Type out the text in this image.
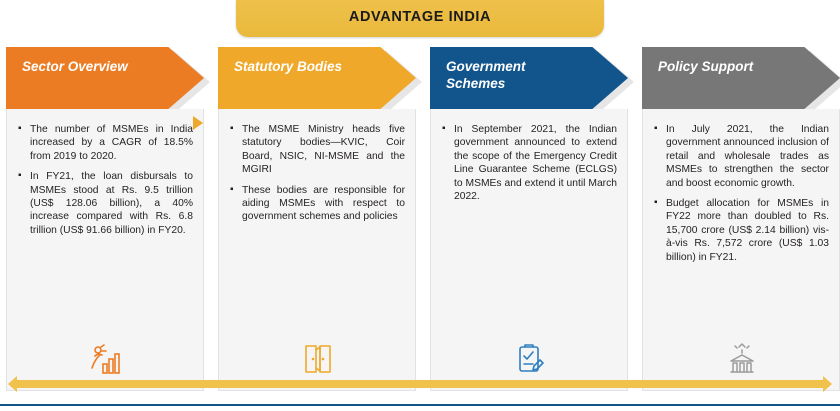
ADVANTAGE INDIA
Sector Overview
▪ The number of MSMEs in India increased by a CAGR of 18.5% from 2019 to 2020.
▪ In FY21, the loan disbursals to MSMEs stood at Rs. 9.5 trillion (US$ 128.06 billion), a 40% increase compared with Rs. 6.8 trillion (US$ 91.66 billion) in FY20.
Statutory Bodies
▪ The MSME Ministry heads five statutory bodies—KVIC, Coir Board, NSIC, NI-MSME and the MGIRI
▪ These bodies are responsible for aiding MSMEs with respect to government schemes and policies
Government Schemes
▪ In September 2021, the Indian government announced to extend the scope of the Emergency Credit Line Guarantee Scheme (ECLGS) to MSMEs and extend it until March 2022.
Policy Support
▪ In July 2021, the Indian government announced inclusion of retail and wholesale trades as MSMEs to strengthen the sector and boost economic growth.
▪ Budget allocation for MSMEs in FY22 more than doubled to Rs. 15,700 crore (US$ 2.14 billion) vis-à-vis Rs. 7,572 crore (US$ 1.03 billion) in FY21.
